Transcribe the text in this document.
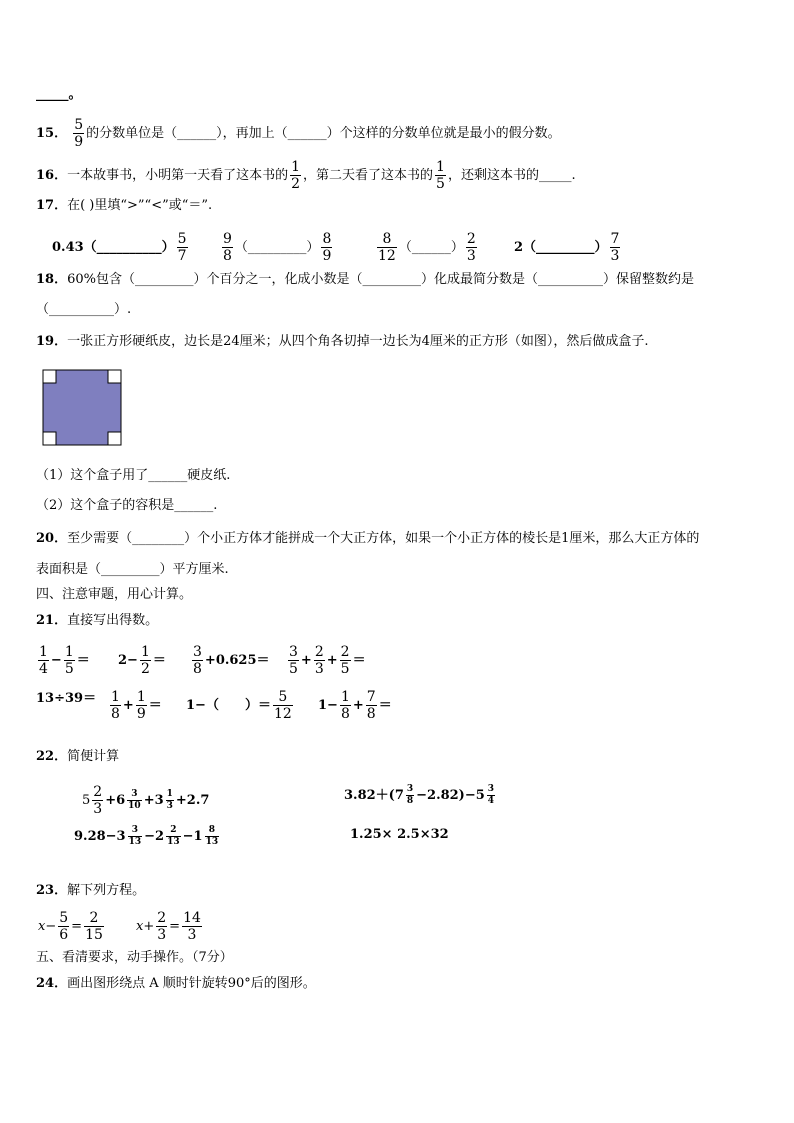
_____。
15． $\frac{5}{9}$ 的分数单位是（______），再加上（______）个这样的分数单位就是最小的假分数。
16．一本故事书，小明第一天看了这本书的 $\frac{1}{2}$ ，第二天看了这本书的 $\frac{1}{5}$ ，还剩这本书的_____.
17．在( )里填“>”“<”或“＝”.
0.43（__________） $\frac{5}{7} \frac{9}{8}$ （_________） $\frac{8}{9}$	$\frac{8}{12}$ （______） $\frac{2}{3}$	2（_________） $\frac{7}{3}$
18．60%包含（_________）个百分之一，化成小数是（_________）化成最简分数是（__________）保留整数约是
（__________）.
19．一张正方形硬纸皮，边长是24厘米；从四个角各切掉一边长为4厘米的正方形（如图），然后做成盒子.
（1）这个盒子用了______硬皮纸.
（2）这个盒子的容积是______.
20．至少需要（________）个小正方体才能拼成一个大正方体，如果一个小正方体的棱长是1厘米，那么大正方体的
表面积是（_________）平方厘米.
四、注意审题，用心计算。
21．直接写出得数。
$\frac{1}{4} - \frac{1}{5} = 2- \frac{1}{2} = \frac{3}{8} +0.625= \frac{3}{5} + \frac{2}{3} + \frac{2}{5}$ ＝
$13\div 39= \frac{1}{8} + \frac{1}{9} = 1-$（　　）＝ $\frac{5}{12} 1- \frac{1}{8} + \frac{7}{8}$ ＝
22．简便计算
$5 \frac{2}{3} +6 \frac{3}{10} +3 \frac{1}{3} +2.7$	$3.82+(7 \frac{3}{8} -2.82)-5 \frac{3}{4}$
$9.28-3 \frac{3}{13} -2 \frac{2}{13} -1 \frac{8}{13}$	1.25× 2.5×32
23．解下列方程。
$x- \frac{5}{6} = \frac{2}{15} x+ \frac{2}{3} = \frac{14}{3}$
五、看清要求，动手操作。（7分）
24．画出图形绕点 A 顺时针旋转90°后的图形。
